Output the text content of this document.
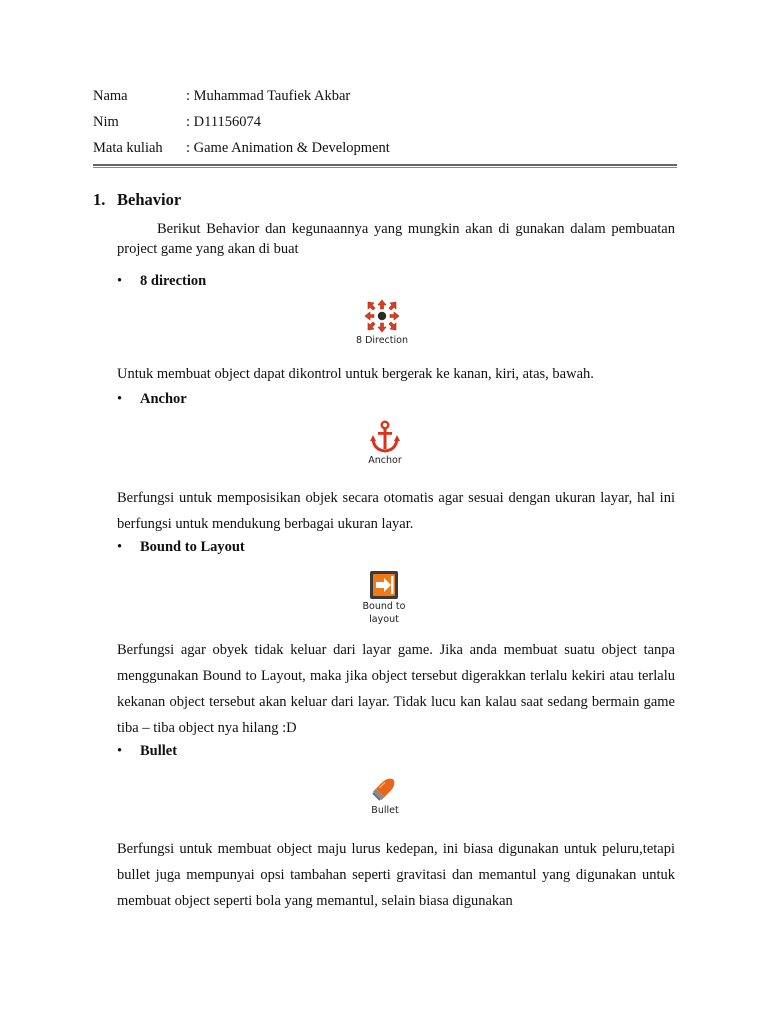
Nama	: Muhammad Taufiek Akbar
Nim	: D11156074
Mata kuliah	: Game Animation & Development
1. Behavior
Berikut Behavior dan kegunaannya yang mungkin akan di gunakan dalam pembuatan project game yang akan di buat
•	8 direction
8 Direction
Untuk membuat object dapat dikontrol untuk bergerak ke kanan, kiri, atas, bawah.
•	Anchor
Anchor
Berfungsi untuk memposisikan objek secara otomatis agar sesuai dengan ukuran layar, hal ini berfungsi untuk mendukung berbagai ukuran layar.
•	Bound to Layout
Bound to
layout
Berfungsi agar obyek tidak keluar dari layar game. Jika anda membuat suatu object tanpa menggunakan Bound to Layout, maka jika object tersebut digerakkan terlalu kekiri atau terlalu kekanan object tersebut akan keluar dari layar. Tidak lucu kan kalau saat sedang bermain game tiba – tiba object nya hilang :D
•	Bullet
Bullet
Berfungsi untuk membuat object maju lurus kedepan, ini biasa digunakan untuk peluru,tetapi bullet juga mempunyai opsi tambahan seperti gravitasi dan memantul yang digunakan untuk membuat object seperti bola yang memantul, selain biasa digunakan
